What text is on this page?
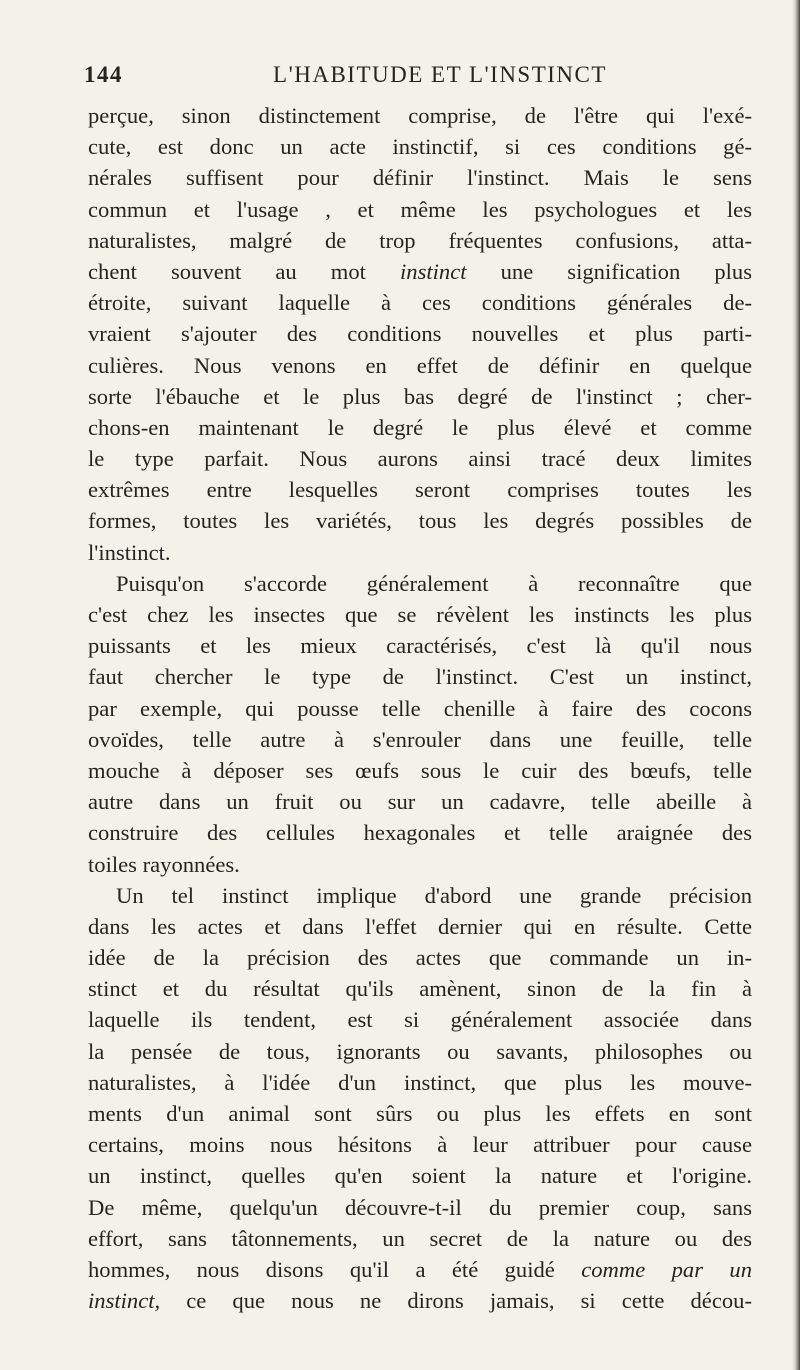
144	L'HABITUDE ET L'INSTINCT
perçue, sinon distinctement comprise, de l'être qui l'exé-
cute, est donc un acte instinctif, si ces conditions gé-
nérales suffisent pour définir l'instinct. Mais le sens
commun et l'usage , et même les psychologues et les
naturalistes, malgré de trop fréquentes confusions, atta-
chent souvent au mot instinct une signification plus
étroite, suivant laquelle à ces conditions générales de-
vraient s'ajouter des conditions nouvelles et plus parti-
culières. Nous venons en effet de définir en quelque
sorte l'ébauche et le plus bas degré de l'instinct ; cher-
chons-en maintenant le degré le plus élevé et comme
le type parfait. Nous aurons ainsi tracé deux limites
extrêmes entre lesquelles seront comprises toutes les
formes, toutes les variétés, tous les degrés possibles de
l'instinct.
Puisqu'on s'accorde généralement à reconnaître que
c'est chez les insectes que se révèlent les instincts les plus
puissants et les mieux caractérisés, c'est là qu'il nous
faut chercher le type de l'instinct. C'est un instinct,
par exemple, qui pousse telle chenille à faire des cocons
ovoïdes, telle autre à s'enrouler dans une feuille, telle
mouche à déposer ses œufs sous le cuir des bœufs, telle
autre dans un fruit ou sur un cadavre, telle abeille à
construire des cellules hexagonales et telle araignée des
toiles rayonnées.
Un tel instinct implique d'abord une grande précision
dans les actes et dans l'effet dernier qui en résulte. Cette
idée de la précision des actes que commande un in-
stinct et du résultat qu'ils amènent, sinon de la fin à
laquelle ils tendent, est si généralement associée dans
la pensée de tous, ignorants ou savants, philosophes ou
naturalistes, à l'idée d'un instinct, que plus les mouve-
ments d'un animal sont sûrs ou plus les effets en sont
certains, moins nous hésitons à leur attribuer pour cause
un instinct, quelles qu'en soient la nature et l'origine.
De même, quelqu'un découvre-t-il du premier coup, sans
effort, sans tâtonnements, un secret de la nature ou des
hommes, nous disons qu'il a été guidé comme par un
instinct, ce que nous ne dirons jamais, si cette décou-
